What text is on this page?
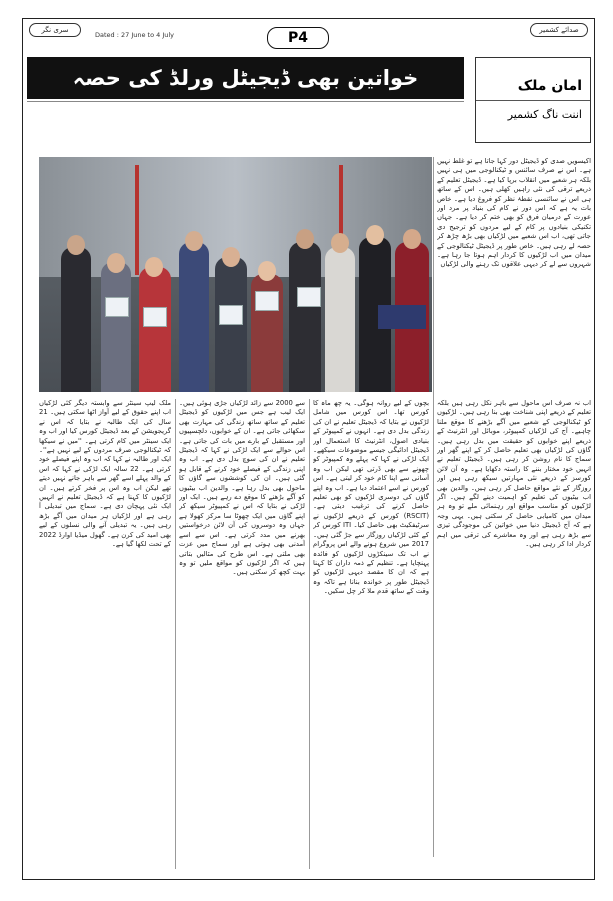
سری نگر
Dated : 27 June to 4 July	P4	صدائے کشمیر
خواتین بھی ڈیجیٹل ورلڈ کی حصہ	امان ملک
اننت ناگ کشمیر

اکیسویں صدی کو ڈیجیٹل دور کہا جاتا ہے تو غلط نہیں ہے۔ اس نے صرف سائنس و ٹیکنالوجی میں ہی نہیں بلکہ ہر شعبے میں انقلاب برپا کیا ہے۔ ڈیجیٹل تعلیم کے ذریعے ترقی کی نئی راہیں کھلی ہیں۔ اس کے ساتھ ہی اس نے سائنسی نقطۂ نظر کو فروغ دیا ہے۔ خاص بات یہ ہے کہ اس دور نے کام کی بنیاد پر مرد اور عورت کے درمیان فرق کو بھی ختم کر دیا ہے۔ جہاں تکنیکی بنیادوں پر کام کے لیے مردوں کو ترجیح دی جاتی تھی، اب اس شعبے میں لڑکیاں بھی بڑھ چڑھ کر حصہ لے رہی ہیں۔ خاص طور پر ڈیجیٹل ٹیکنالوجی کے میدان میں اب لڑکیوں کا کردار اہم ہوتا جا رہا ہے۔ شہروں سے لے کر دیہی علاقوں تک رہنے والی لڑکیاں

اب نہ صرف اس ماحول سے باہر نکل رہی ہیں بلکہ تعلیم کے ذریعے اپنی شناخت بھی بنا رہی ہیں۔ لڑکیوں کو ٹیکنالوجی کے شعبے میں آگے بڑھنے کا موقع ملنا چاہیے۔ آج کی لڑکیاں کمپیوٹر، موبائل اور انٹرنیٹ کے ذریعے اپنے خوابوں کو حقیقت میں بدل رہی ہیں۔ گاؤں کی لڑکیاں بھی تعلیم حاصل کر کے اپنے گھر اور سماج کا نام روشن کر رہی ہیں۔ ڈیجیٹل تعلیم نے انہیں خود مختار بننے کا راستہ دکھایا ہے۔ وہ آن لائن کورسز کے ذریعے نئی مہارتیں سیکھ رہی ہیں اور روزگار کے نئے مواقع حاصل کر رہی ہیں۔ والدین بھی اب بیٹیوں کی تعلیم کو اہمیت دینے لگے ہیں۔ اگر لڑکیوں کو مناسب مواقع اور رہنمائی ملے تو وہ ہر میدان میں کامیابی حاصل کر سکتی ہیں۔ یہی وجہ ہے کہ آج ڈیجیٹل دنیا میں خواتین کی موجودگی تیزی سے بڑھ رہی ہے اور وہ معاشرے کی ترقی میں اہم کردار ادا کر رہی ہیں۔

بچوں کے لیے روانہ ہوگی۔ یہ چھ ماہ کا کورس تھا۔ اس کورس میں شامل لڑکیوں نے بتایا کہ ڈیجیٹل تعلیم نے ان کی زندگی بدل دی ہے۔ انہوں نے کمپیوٹر کے بنیادی اصول، انٹرنیٹ کا استعمال اور ڈیجیٹل ادائیگی جیسے موضوعات سیکھے۔ ایک لڑکی نے کہا کہ پہلے وہ کمپیوٹر کو چھونے سے بھی ڈرتی تھی لیکن اب وہ آسانی سے اپنا کام خود کر لیتی ہے۔ اس کورس نے اسے اعتماد دیا ہے۔ اب وہ اپنے گاؤں کی دوسری لڑکیوں کو بھی تعلیم حاصل کرنے کی ترغیب دیتی ہے۔ (RSCIT) کورس کے ذریعے لڑکیوں نے سرٹیفکیٹ بھی حاصل کیا۔ ITI کورس کر کے کئی لڑکیاں روزگار سے جڑ گئی ہیں۔ 2017 میں شروع ہونے والے اس پروگرام نے اب تک سینکڑوں لڑکیوں کو فائدہ پہنچایا ہے۔ تنظیم کے ذمہ داران کا کہنا ہے کہ ان کا مقصد دیہی لڑکیوں کو ڈیجیٹل طور پر خواندہ بنانا ہے تاکہ وہ وقت کے ساتھ قدم ملا کر چل سکیں۔

سے 2000 سے زائد لڑکیاں جڑی ہوئی ہیں۔ ایک لیب ہے جس میں لڑکیوں کو ڈیجیٹل تعلیم کے ساتھ ساتھ زندگی کی مہارت بھی سکھائی جاتی ہے۔ ان کے خوابوں، دلچسپیوں اور مستقبل کے بارے میں بات کی جاتی ہے۔ اس حوالے سے ایک لڑکی نے کہا کہ ڈیجیٹل تعلیم نے ان کی سوچ بدل دی ہے۔ اب وہ اپنی زندگی کے فیصلے خود کرنے کے قابل ہو گئی ہیں۔ ان کی کوششوں سے گاؤں کا ماحول بھی بدل رہا ہے۔ والدین اب بیٹیوں کو آگے بڑھنے کا موقع دے رہے ہیں۔ ایک اور لڑکی نے بتایا کہ اس نے کمپیوٹر سیکھ کر اپنے گاؤں میں ایک چھوٹا سا مرکز کھولا ہے جہاں وہ دوسروں کی آن لائن درخواستیں بھرنے میں مدد کرتی ہے۔ اس سے اسے آمدنی بھی ہوتی ہے اور سماج میں عزت بھی ملتی ہے۔ اس طرح کی مثالیں بتاتی ہیں کہ اگر لڑکیوں کو مواقع ملیں تو وہ بہت کچھ کر سکتی ہیں۔

ملک لیپ سینٹر سے وابستہ دیگر کئی لڑکیاں اب اپنے حقوق کے لیے آواز اٹھا سکتی ہیں۔ 21 سال کی ایک طالبہ نے بتایا کہ اس نے گریجویشن کے بعد ڈیجیٹل کورس کیا اور اب وہ ایک سینٹر میں کام کرتی ہے۔ ''میں نے سیکھا کہ ٹیکنالوجی صرف مردوں کے لیے نہیں ہے''۔ ایک اور طالبہ نے کہا کہ اب وہ اپنے فیصلے خود کرتی ہے۔ 22 سالہ ایک لڑکی نے کہا کہ اس کے والد پہلے اسے گھر سے باہر جانے نہیں دیتے تھے لیکن اب وہ اس پر فخر کرتے ہیں۔ ان لڑکیوں کا کہنا ہے کہ ڈیجیٹل تعلیم نے انہیں ایک نئی پہچان دی ہے۔ سماج میں تبدیلی آ رہی ہے اور لڑکیاں ہر میدان میں آگے بڑھ رہی ہیں۔ یہ تبدیلی آنے والی نسلوں کے لیے بھی امید کی کرن ہے۔ گھول میڈیا اوارڈ 2022 کے تحت لکھا گیا ہے۔
